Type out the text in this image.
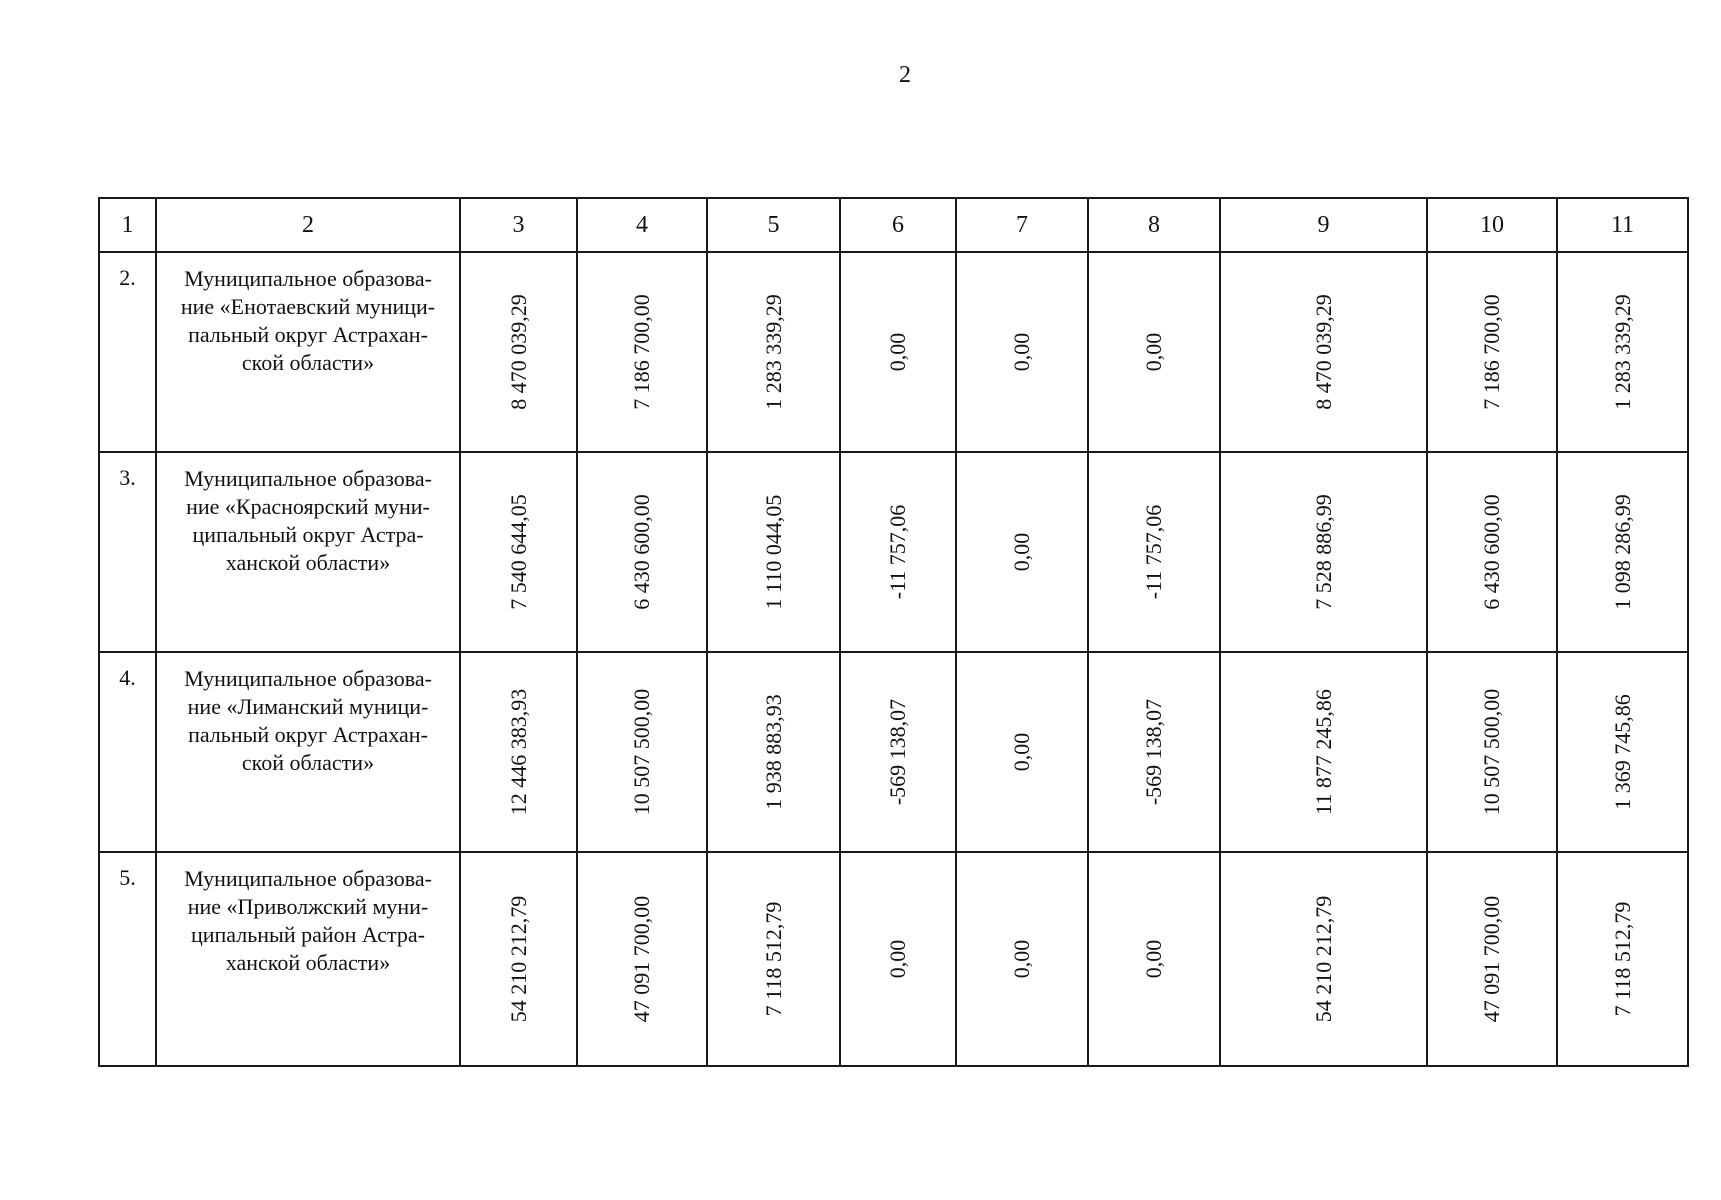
2
1	2	3	4	5	6	7	8	9	10	11
2.	Муниципальное образова-
ние «Енотаевский муници-
пальный округ Астрахан-
ской области»	8 470 039,29	7 186 700,00	1 283 339,29	0,00	0,00	0,00	8 470 039,29	7 186 700,00	1 283 339,29

3.	Муниципальное образова-
ние «Красноярский муни-
ципальный округ Астра-
ханской области»	7 540 644,05	6 430 600,00	1 110 044,05	-11 757,06	0,00	-11 757,06	7 528 886,99	6 430 600,00	1 098 286,99

4.	Муниципальное образова-
ние «Лиманский муници-
пальный округ Астрахан-
ской области»	12 446 383,93	10 507 500,00	1 938 883,93	-569 138,07	0,00	-569 138,07	11 877 245,86	10 507 500,00	1 369 745,86

5.	Муниципальное образова-
ние «Приволжский муни-
ципальный район Астра-
ханской области»	54 210 212,79	47 091 700,00	7 118 512,79	0,00	0,00	0,00	54 210 212,79	47 091 700,00	7 118 512,79
